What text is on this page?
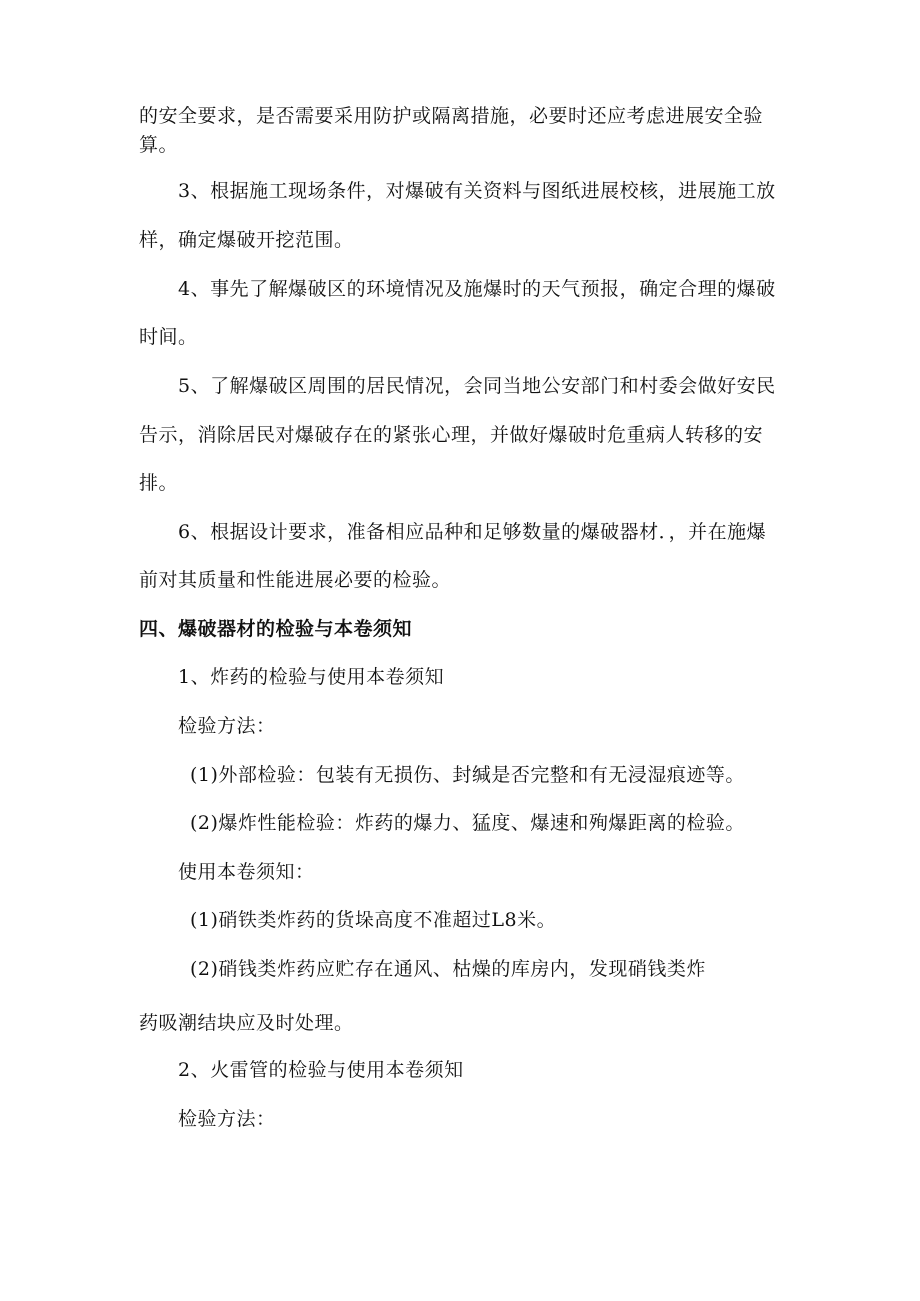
的安全要求，是否需要采用防护或隔离措施，必要时还应考虑进展安全验
算。
3、根据施工现场条件，对爆破有关资料与图纸进展校核，进展施工放
样，确定爆破开挖范围。
4、事先了解爆破区的环境情况及施爆时的天气预报，确定合理的爆破
时间。
5、了解爆破区周围的居民情况，会同当地公安部门和村委会做好安民
告示，消除居民对爆破存在的紧张心理，并做好爆破时危重病人转移的安
排。
6、根据设计要求，准备相应品种和足够数量的爆破器材．，并在施爆
前对其质量和性能进展必要的检验。
四、爆破器材的检验与本卷须知
1、炸药的检验与使用本卷须知
检验方法：
(1)外部检验：包装有无损伤、封缄是否完整和有无浸湿痕迹等。
(2)爆炸性能检验：炸药的爆力、猛度、爆速和殉爆距离的检验。
使用本卷须知：
(1)硝铁类炸药的货垛高度不准超过L8米。
(2)硝钱类炸药应贮存在通风、枯燥的库房内，发现硝钱类炸
药吸潮结块应及时处理。
2、火雷管的检验与使用本卷须知
检验方法：
